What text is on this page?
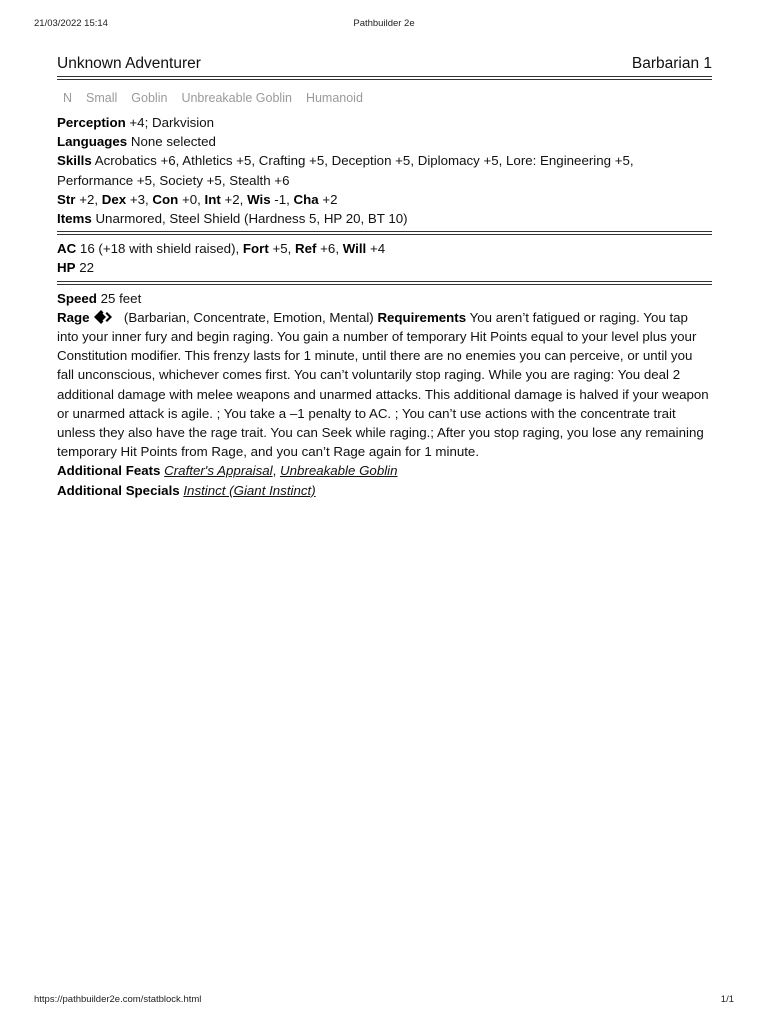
21/03/2022 15:14	Pathbuilder 2e
Unknown Adventurer	Barbarian 1
N Small Goblin Unbreakable Goblin Humanoid

Perception +4; Darkvision

Languages None selected

Skills Acrobatics +6, Athletics +5, Crafting +5, Deception +5, Diplomacy +5, Lore: Engineering +5, Performance +5, Society +5, Stealth +6

Str +2, Dex +3, Con +0, Int +2, Wis -1, Cha +2

Items Unarmored, Steel Shield (Hardness 5, HP 20, BT 10)

AC 16 (+18 with shield raised), Fort +5, Ref +6, Will +4

HP 22

Speed 25 feet

Rage	(Barbarian, Concentrate, Emotion, Mental) Requirements You aren’t fatigued or raging. You tap into your inner fury and begin raging. You gain a number of temporary Hit Points equal to your level plus your Constitution modifier. This frenzy lasts for 1 minute, until there are no enemies you can perceive, or until you fall unconscious, whichever comes first. You can’t voluntarily stop raging. While you are raging: You deal 2 additional damage with melee weapons and unarmed attacks. This additional damage is halved if your weapon or unarmed attack is agile. ; You take a –1 penalty to AC. ; You can’t use actions with the concentrate trait unless they also have the rage trait. You can Seek while raging.; After you stop raging, you lose any remaining temporary Hit Points from Rage, and you can’t Rage again for 1 minute.

Additional Feats Crafter's Appraisal, Unbreakable Goblin

Additional Specials Instinct (Giant Instinct)

https://pathbuilder2e.com/statblock.html	1/1
